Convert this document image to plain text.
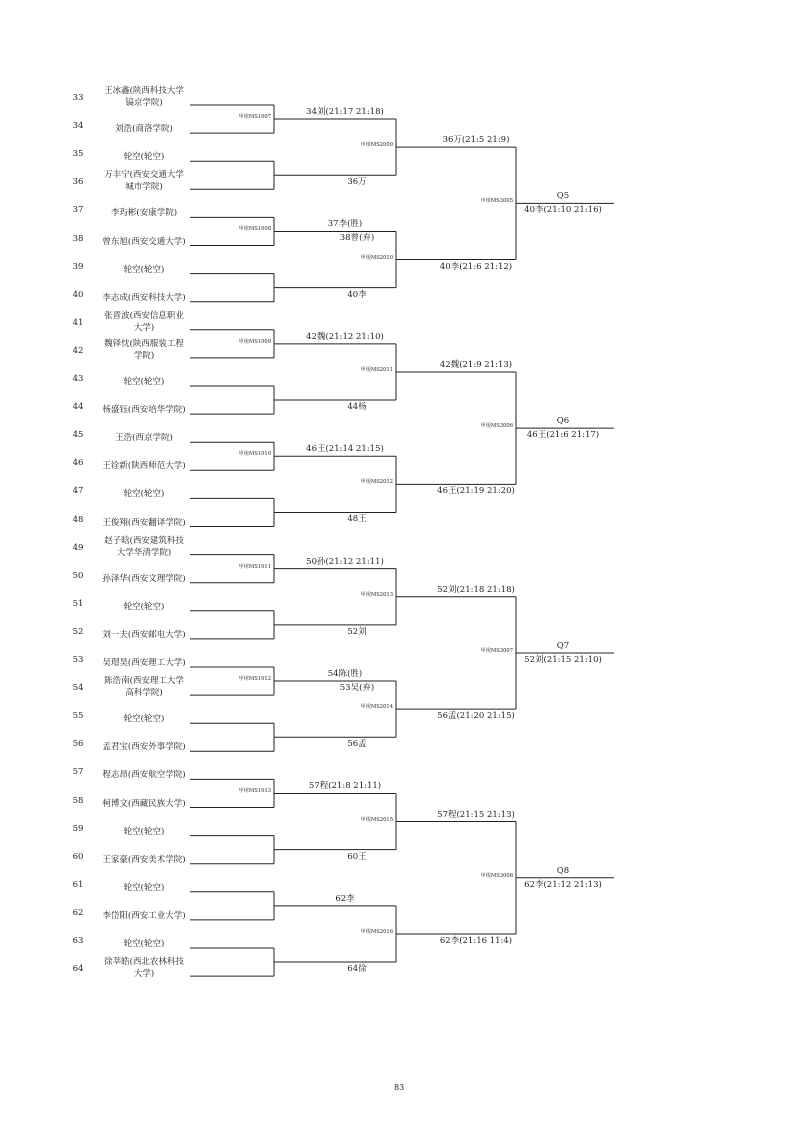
33
王冰鑫(陕西科技大学
镐京学院)
34	刘浩(商洛学院)
35	轮空(轮空)
36
万丰宁(西安交通大学
城市学院)
37	李玙彬(安康学院)
38	曾东旭(西安交通大学)
39	轮空(轮空)
40	李志成(西安科技大学)
41
张晋波(西安信息职业
大学)
42
魏铎忱(陕西服装工程
学院)
43	轮空(轮空)
44	杨盛钰(西安培华学院)
45	王浩(西京学院)
46	王铨新(陕西师范大学)
47	轮空(轮空)
48	王俊翔(西安翻译学院)
49
赵子晗(西安建筑科技
大学华清学院)
50	孙泽华(西安文理学院)
51	轮空(轮空)
52	刘一夫(西安邮电大学)
53	吴瑁昊(西安理工大学)
54
陈浩南(西安理工大学
高科学院)
55	轮空(轮空)
56	孟君宝(西安外事学院)
57	程志昂(西安航空学院)
58	柯博文(西藏民族大学)
59	轮空(轮空)
60	王家豪(西安美术学院)
61	轮空(轮空)
62	李岱阳(西安工业大学)
63	轮空(轮空)
64
徐莘皓(西北农林科技
大学)
甲组MS1007	34刘(21:17 21:18)
36万
甲组MS1008	37李(胜)
38曾(弃)
40李
甲组MS1009	42魏(21:12 21:10)
44杨
甲组MS1010	46王(21:14 21:15)
48王
甲组MS1011	50孙(21:12 21:11)
52刘
甲组MS1012	54陈(胜)
53吴(弃)
56孟
甲组MS1013	57程(21:8 21:11)
60王
62李
64徐
甲组MS2009	36万(21:5 21:9)
甲组MS2010
40李(21:6 21:12)
甲组MS2011	42魏(21:9 21:13)
甲组MS2012
46王(21:19 21:20)
甲组MS2013	52刘(21:18 21:18)
甲组MS2014
56孟(21:20 21:15)
甲组MS2015	57程(21:15 21:13)
甲组MS2016
62李(21:16 11:4)
甲组MS3005	Q5
40李(21:10 21:16)
甲组MS3006	Q6
46王(21:6 21:17)
甲组MS3007	Q7
52刘(21:15 21:10)
甲组MS3008	Q8
62李(21:12 21:13)
83
